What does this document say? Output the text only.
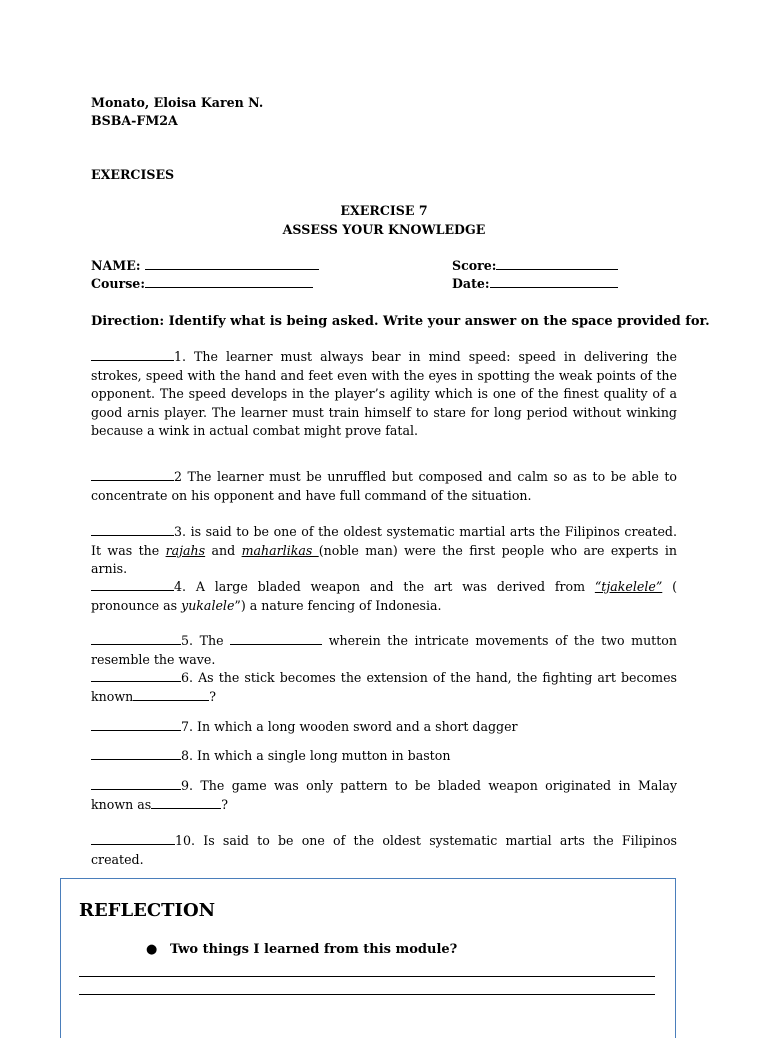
Monato, Eloisa Karen N.
BSBA-FM2A
EXERCISES
EXERCISE 7
ASSESS YOUR KNOWLEDGE
NAME:	Score:
Course:	Date:
Direction: Identify what is being asked. Write your answer on the space provided for.
1. The learner must always bear in mind speed: speed in delivering the strokes, speed with the hand and feet even with the eyes in spotting the weak points of the opponent. The speed develops in the player’s agility which is one of the finest quality of a good arnis player. The learner must train himself to stare for long period without winking because a wink in actual combat might prove fatal.
2 The learner must be unruffled but composed and calm so as to be able to concentrate on his opponent and have full command of the situation.
3. is said to be one of the oldest systematic martial arts the Filipinos created. It was the rajahs and maharlikas (noble man) were the first people who are experts in arnis.
4. A large bladed weapon and the art was derived from “tjakelele” ( pronounce as yukalele”) a nature fencing of Indonesia.
5. The	wherein the intricate movements of the two mutton resemble the wave.
6. As the stick becomes the extension of the hand, the fighting art becomes known	?
7. In which a long wooden sword and a short dagger
8. In which a single long mutton in baston
9. The game was only pattern to be bladed weapon originated in Malay known as	?
10. Is said to be one of the oldest systematic martial arts the Filipinos created.
REFLECTION
● Two things I learned from this module?
